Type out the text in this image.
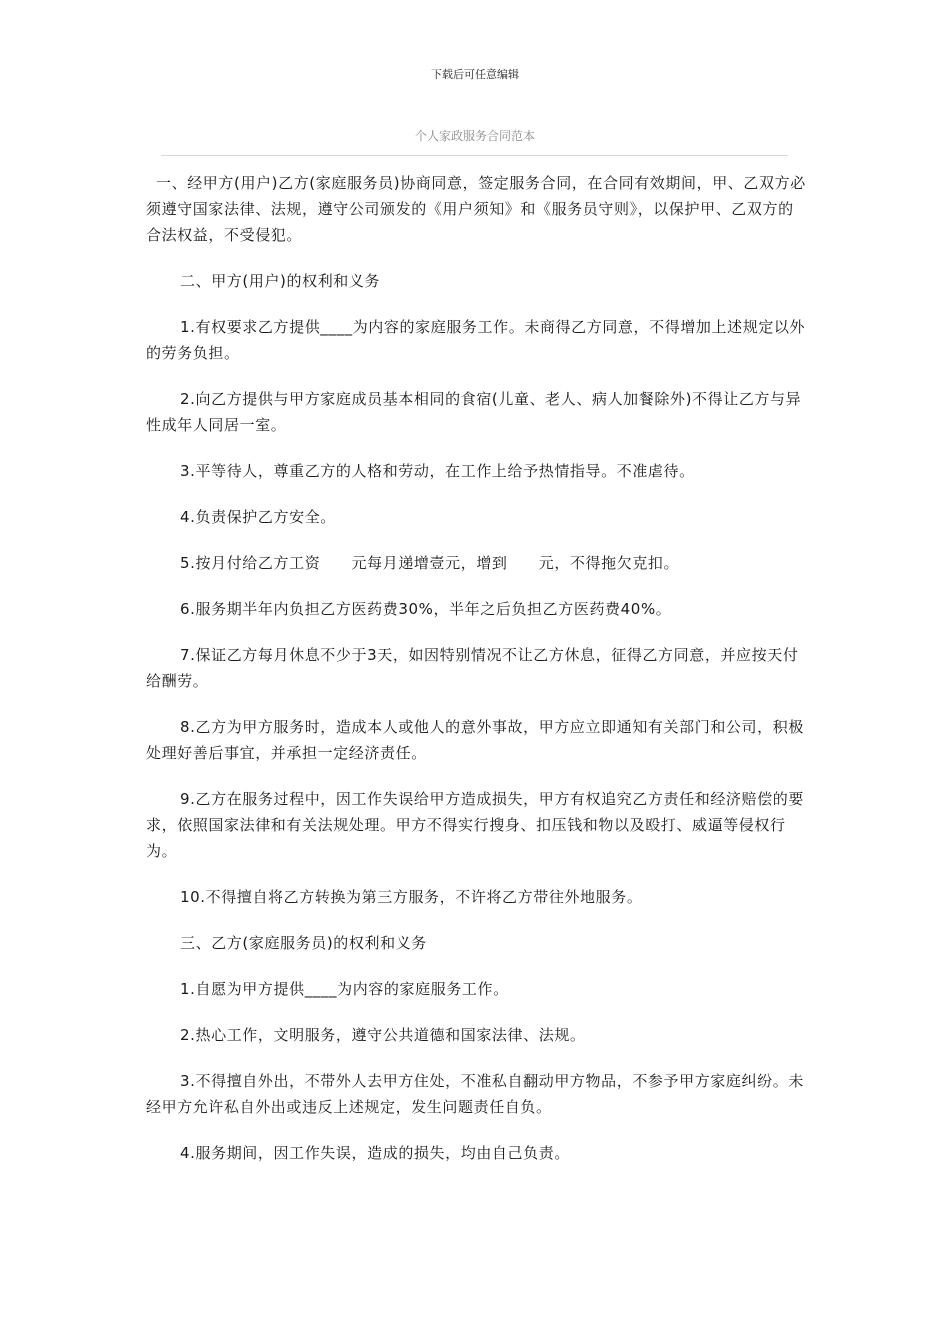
下载后可任意编辑
个人家政服务合同范本

一、经甲方(用户)乙方(家庭服务员)协商同意，签定服务合同，在合同有效期间，甲、乙双方必须遵守国家法律、法规，遵守公司颁发的《用户须知》和《服务员守则》，以保护甲、乙双方的合法权益，不受侵犯。

二、甲方(用户)的权利和义务

1.有权要求乙方提供____为内容的家庭服务工作。未商得乙方同意，不得增加上述规定以外的劳务负担。

2.向乙方提供与甲方家庭成员基本相同的食宿(儿童、老人、病人加餐除外)不得让乙方与异性成年人同居一室。

3.平等待人，尊重乙方的人格和劳动，在工作上给予热情指导。不准虐待。

4.负责保护乙方安全。

5.按月付给乙方工资　　元每月递增壹元，增到　　元，不得拖欠克扣。

6.服务期半年内负担乙方医药费30%，半年之后负担乙方医药费40%。

7.保证乙方每月休息不少于3天，如因特别情况不让乙方休息，征得乙方同意，并应按天付给酬劳。

8.乙方为甲方服务时，造成本人或他人的意外事故，甲方应立即通知有关部门和公司，积极处理好善后事宜，并承担一定经济责任。

9.乙方在服务过程中，因工作失误给甲方造成损失，甲方有权追究乙方责任和经济赔偿的要求，依照国家法律和有关法规处理。甲方不得实行搜身、扣压钱和物以及殴打、威逼等侵权行为。

10.不得擅自将乙方转换为第三方服务，不许将乙方带往外地服务。

三、乙方(家庭服务员)的权利和义务

1.自愿为甲方提供____为内容的家庭服务工作。

2.热心工作，文明服务，遵守公共道德和国家法律、法规。

3.不得擅自外出，不带外人去甲方住处，不准私自翻动甲方物品，不参予甲方家庭纠纷。未经甲方允许私自外出或违反上述规定，发生问题责任自负。

4.服务期间，因工作失误，造成的损失，均由自己负责。
